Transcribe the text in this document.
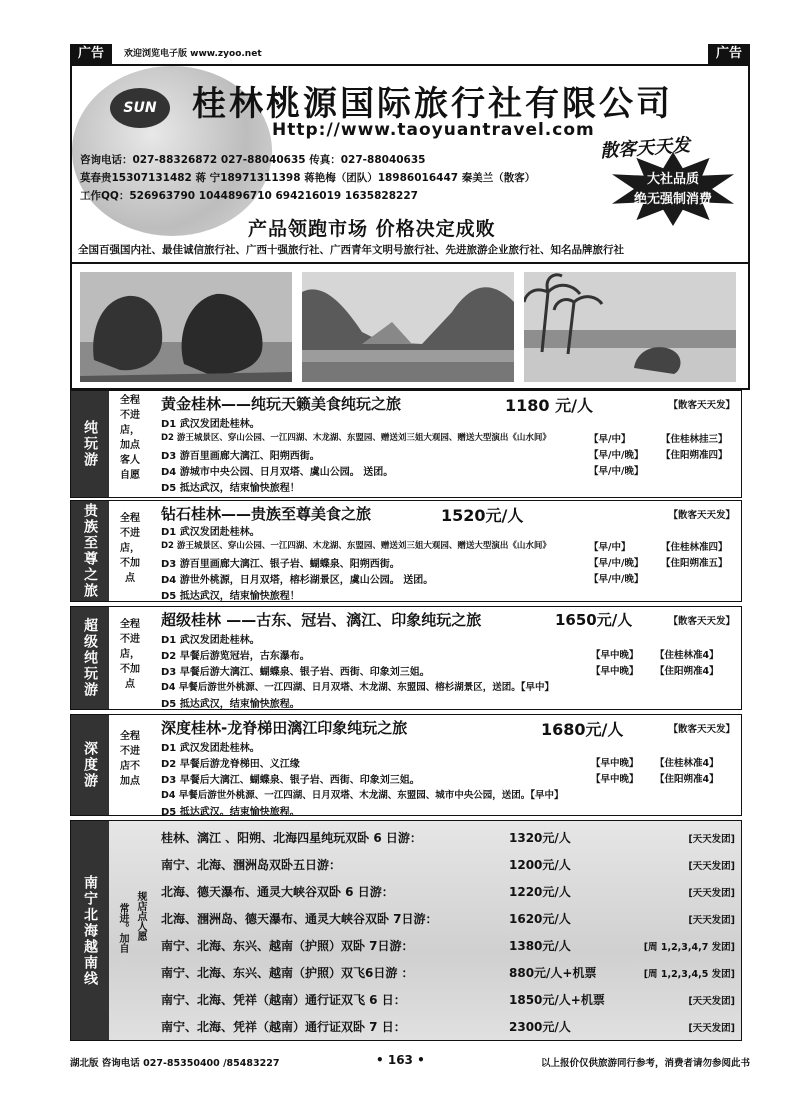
广告	欢迎浏览电子版 www.zyoo.net	广告
SUN	桂林桃源国际旅行社有限公司
Http://www.taoyuantravel.com
咨询电话：027-88326872 027-88040635 传真：027-88040635
莫春贵15307131482 蒋 宁18971311398 蒋艳梅（团队）18986016447 秦美兰（散客）
工作QQ：526963790 1044896710 694216019 1635828227
散客天天发
大社品质
绝无强制消费
产品领跑市场 价格决定成败
全国百强国内社、最佳诚信旅行社、广西十强旅行社、广西青年文明号旅行社、先进旅游企业旅行社、知名品牌旅行社
纯玩游
全程
不进
店，
加点
客人
自愿
黄金桂林——纯玩天籁美食纯玩之旅	1180 元/人	【散客天天发】
D1 武汉发团赴桂林。
D2 游王城景区、穿山公园、一江四湖、木龙湖、东盟园、赠送刘三姐大观园、赠送大型演出《山水间》	【早/中】	【住桂林挂三】
D3 游百里画廊大漓江、阳朔西街。	【早/中/晚】 【住阳朔准四】
D4 游城市中央公园、日月双塔、虞山公园。 送团。	【早/中/晚】
D5 抵达武汉，结束愉快旅程！
贵族至尊之旅	全程
不进
店，
不加
点
钻石桂林——贵族至尊美食之旅	1520元/人	【散客天天发】
D1 武汉发团赴桂林。
D2 游王城景区、穿山公园、一江四湖、木龙湖、东盟园、赠送刘三姐大观园、赠送大型演出《山水间》	【早/中】	【住桂林准四】
D3 游百里画廊大漓江、银子岩、蝴蝶泉、阳朔西街。	【早/中/晚】 【住阳朔准五】
D4 游世外桃源，日月双塔，榕杉湖景区，虞山公园。 送团。	【早/中/晚】
D5 抵达武汉，结束愉快旅程！
超级纯玩游	全程
不进
店，
不加
点
超级桂林 ——古东、冠岩、漓江、印象纯玩之旅	1650元/人	【散客天天发】
D1 武汉发团赴桂林。
D2 早餐后游览冠岩，古东瀑布。	【早中晚】 【住桂林准4】
D3 早餐后游大漓江、蝴蝶泉、银子岩、西街、印象刘三姐。	【早中晚】 【住阳朔准4】
D4 早餐后游世外桃源、一江四湖、日月双塔、木龙湖、东盟园、榕杉湖景区，送团。【早中】
D5 抵达武汉，结束愉快旅程。
深度游
全程
不进
店不
加点
深度桂林-龙脊梯田漓江印象纯玩之旅	1680元/人	【散客天天发】
D1 武汉发团赴桂林。
D2 早餐后游龙脊梯田、义江缘	【早中晚】 【住桂林准4】
D3 早餐后大漓江、蝴蝶泉、银子岩、西街、印象刘三姐。	【早中晚】 【住阳朔准4】
D4 早餐后游世外桃源、一江四湖、日月双塔、木龙湖、东盟园、城市中央公园，送团。【早中】
D5 抵达武汉。结束愉快旅程。
南宁北海越南线	常进。加自 规店点人愿
桂林、漓江 、阳朔、北海四星纯玩双卧 6 日游：	1320元/人	[天天发团]
南宁、北海、涠洲岛双卧五日游：	1200元/人	[天天发团]
北海、德天瀑布、通灵大峡谷双卧 6 日游：	1220元/人	[天天发团]
北海、涠洲岛、德天瀑布、通灵大峡谷双卧 7日游：	1620元/人	[天天发团]
南宁、北海、东兴、越南（护照）双卧 7日游：	1380元/人	[周 1,2,3,4,7 发团]
南宁、北海、东兴、越南（护照）双飞6日游 ：	880元/人+机票	[周 1,2,3,4,5 发团]
南宁、北海、凭祥（越南）通行证双飞 6 日：	1850元/人+机票	[天天发团]
南宁、北海、凭祥（越南）通行证双卧 7 日：	2300元/人	[天天发团]
湖北版 咨询电话 027-85350400 /85483227	• 163 •	以上报价仅供旅游同行参考，消费者请勿参阅此书
